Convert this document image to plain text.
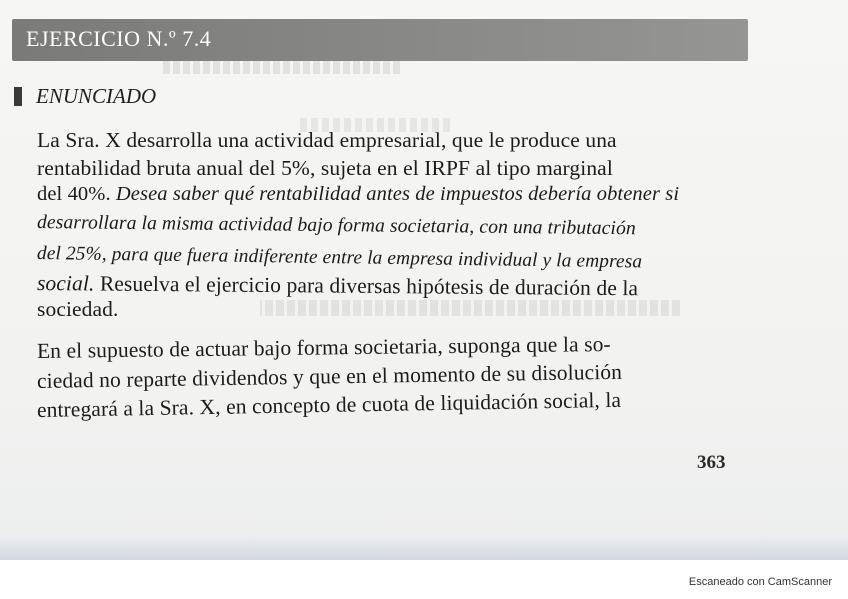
EJERCICIO N.º 7.4
ENUNCIADO
La Sra. X desarrolla una actividad empresarial, que le produce una
rentabilidad bruta anual del 5%, sujeta en el IRPF al tipo marginal
del 40%. Desea saber qué rentabilidad antes de impuestos debería obtener si
desarrollara la misma actividad bajo forma societaria, con una tributación
del 25%, para que fuera indiferente entre la empresa individual y la empresa
social. Resuelva el ejercicio para diversas hipótesis de duración de la
sociedad.
En el supuesto de actuar bajo forma societaria, suponga que la so-
ciedad no reparte dividendos y que en el momento de su disolución
entregará a la Sra. X, en concepto de cuota de liquidación social, la
363
Escaneado con CamScanner
